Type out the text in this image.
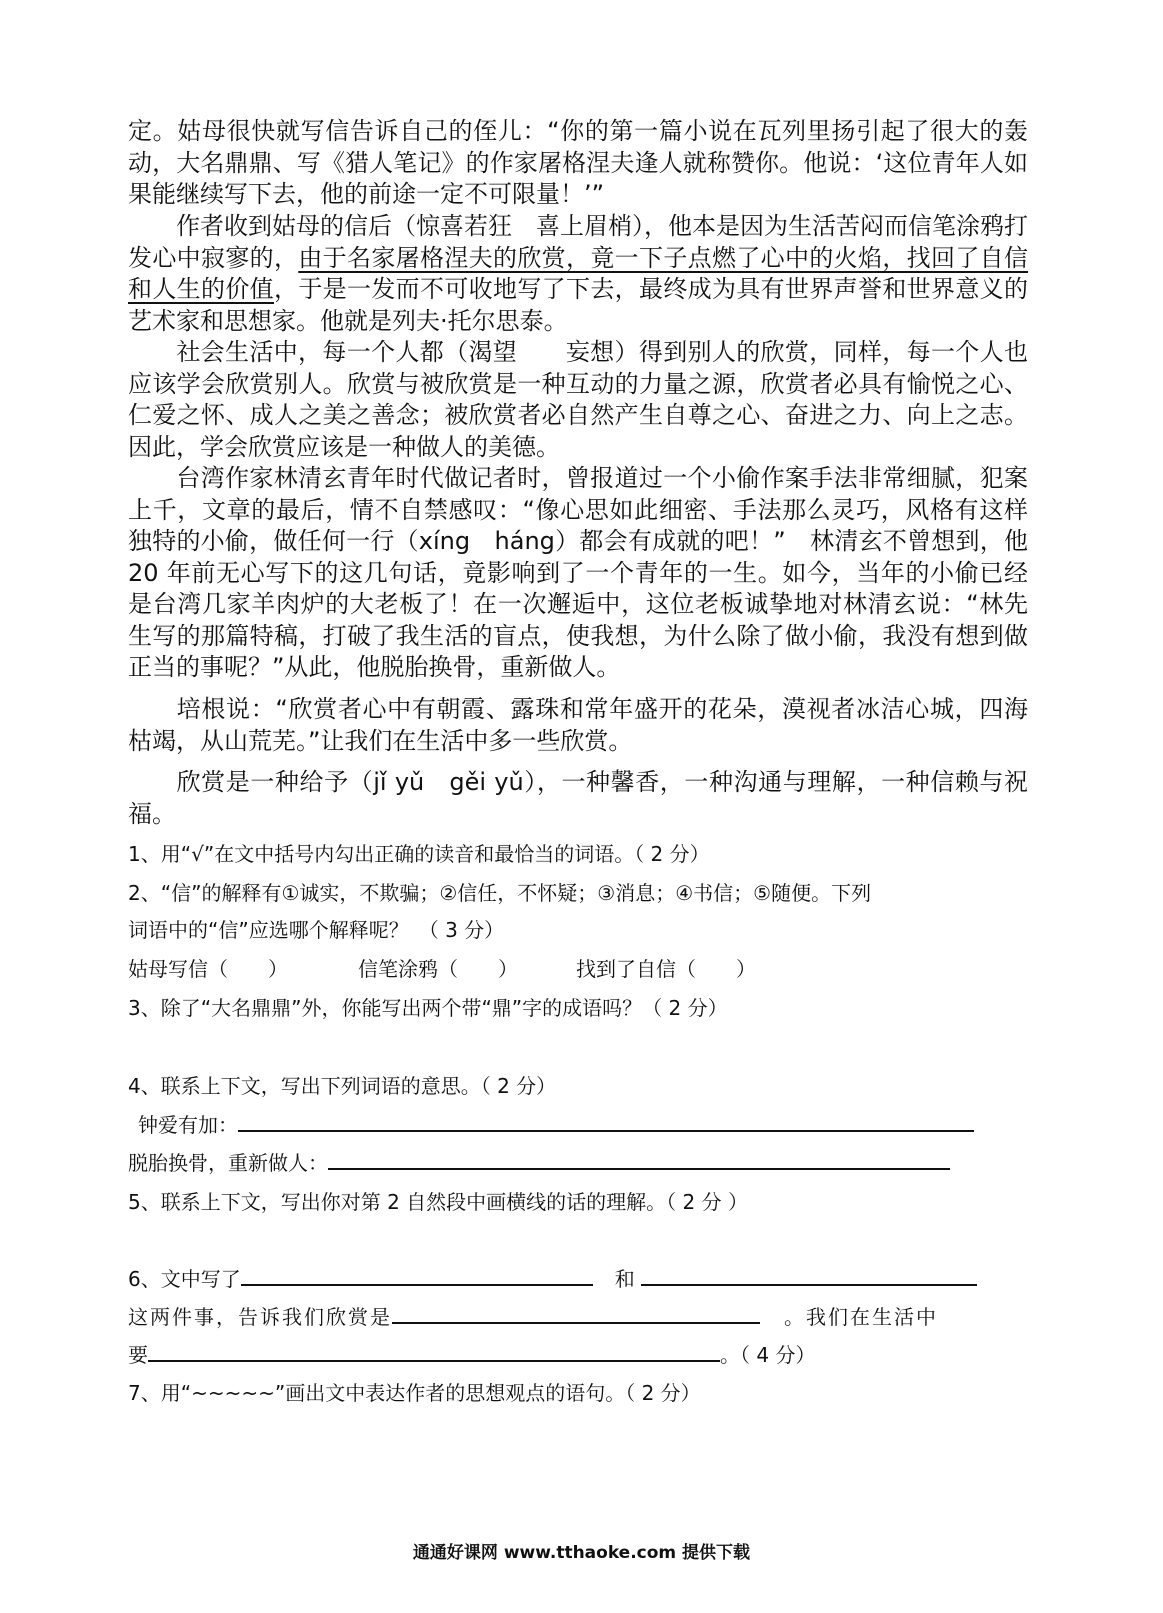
定。姑母很快就写信告诉自己的侄儿：“你的第一篇小说在瓦列里扬引起了很大的轰动，大名鼎鼎、写《猎人笔记》的作家屠格涅夫逢人就称赞你。他说：‘这位青年人如果能继续写下去，他的前途一定不可限量！’”

作者收到姑母的信后（惊喜若狂　喜上眉梢），他本是因为生活苦闷而信笔涂鸦打发心中寂寥的，由于名家屠格涅夫的欣赏，竟一下子点燃了心中的火焰，找回了自信和人生的价值，于是一发而不可收地写了下去，最终成为具有世界声誉和世界意义的艺术家和思想家。他就是列夫·托尔思泰。

社会生活中，每一个人都（渴望　　妄想）得到别人的欣赏，同样，每一个人也应该学会欣赏别人。欣赏与被欣赏是一种互动的力量之源，欣赏者必具有愉悦之心、仁爱之怀、成人之美之善念；被欣赏者必自然产生自尊之心、奋进之力、向上之志。因此，学会欣赏应该是一种做人的美德。

台湾作家林清玄青年时代做记者时，曾报道过一个小偷作案手法非常细腻，犯案上千，文章的最后，情不自禁感叹：“像心思如此细密、手法那么灵巧，风格有这样独特的小偷，做任何一行（xíng　háng）都会有成就的吧！”　林清玄不曾想到，他 20 年前无心写下的这几句话，竟影响到了一个青年的一生。如今，当年的小偷已经是台湾几家羊肉炉的大老板了！在一次邂逅中，这位老板诚挚地对林清玄说：“林先生写的那篇特稿，打破了我生活的盲点，使我想，为什么除了做小偷，我没有想到做正当的事呢？”从此，他脱胎换骨，重新做人。

培根说：“欣赏者心中有朝霞、露珠和常年盛开的花朵，漠视者冰洁心城，四海枯竭，从山荒芜。”让我们在生活中多一些欣赏。

欣赏是一种给予（jǐ yǔ　gěi yǔ），一种馨香，一种沟通与理解，一种信赖与祝福。

1、用“√”在文中括号内勾出正确的读音和最恰当的词语。（ 2 分）
2、“信”的解释有①诚实，不欺骗；②信任，不怀疑；③消息；④书信；⑤随便。下列
词语中的“信”应选哪个解释呢？　（ 3 分）
姑母写信（　　）	信笔涂鸦（　　）	找到了自信（　　）
3、除了“大名鼎鼎”外，你能写出两个带“鼎”字的成语吗？（ 2 分）
4、联系上下文，写出下列词语的意思。（ 2 分）
钟爱有加：
脱胎换骨，重新做人：
5、联系上下文，写出你对第 2 自然段中画横线的话的理解。（ 2 分 ）
6、文中写了	和
这两件事，告诉我们欣赏是	。我们在生活中
要	。（ 4 分）
7、用“~~~~~”画出文中表达作者的思想观点的语句。（ 2 分）
通通好课网 www.tthaoke.com 提供下载
